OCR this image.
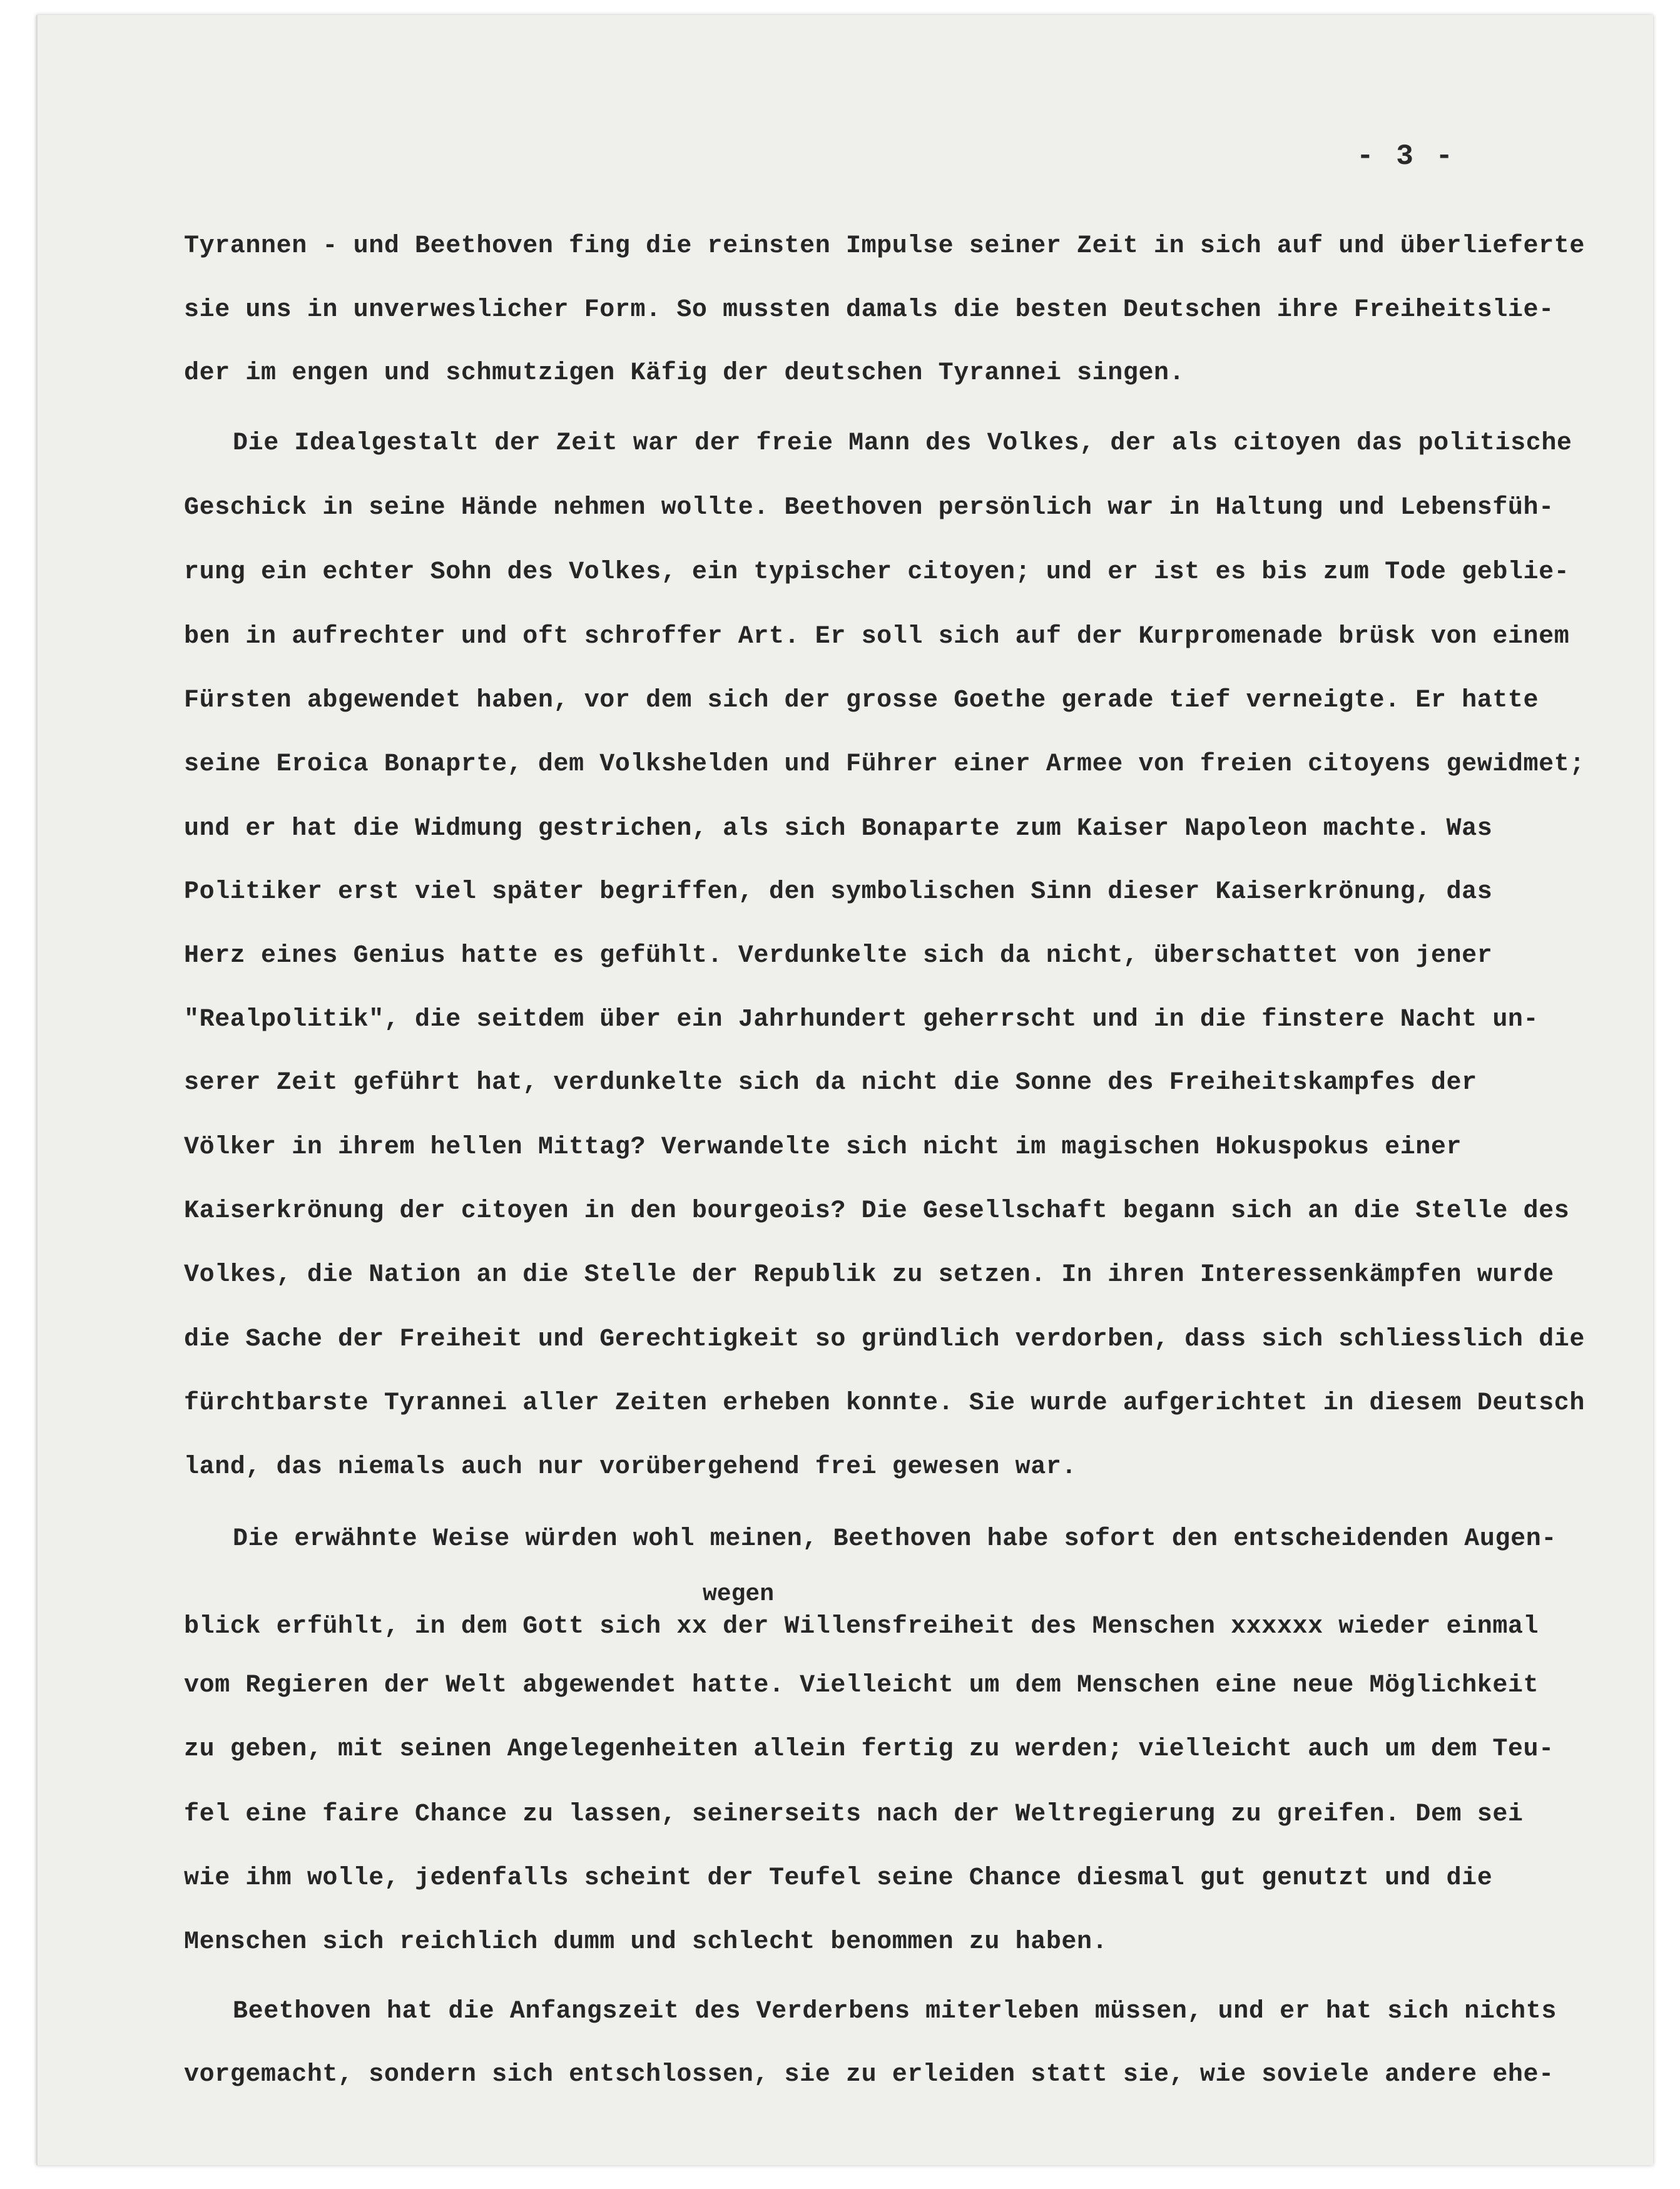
- 3 -

Tyrannen - und Beethoven fing die reinsten Impulse seiner Zeit in sich auf und überlieferte

sie uns in unverweslicher Form. So mussten damals die besten Deutschen ihre Freiheitslie-

der im engen und schmutzigen Käfig der deutschen Tyrannei singen.

Die Idealgestalt der Zeit war der freie Mann des Volkes, der als citoyen das politische

Geschick in seine Hände nehmen wollte. Beethoven persönlich war in Haltung und Lebensfüh-

rung ein echter Sohn des Volkes, ein typischer citoyen; und er ist es bis zum Tode geblie-

ben in aufrechter und oft schroffer Art. Er soll sich auf der Kurpromenade brüsk von einem

Fürsten abgewendet haben, vor dem sich der grosse Goethe gerade tief verneigte. Er hatte

seine Eroica Bonaprte, dem Volkshelden und Führer einer Armee von freien citoyens gewidmet;

und er hat die Widmung gestrichen, als sich Bonaparte zum Kaiser Napoleon machte. Was

Politiker erst viel später begriffen, den symbolischen Sinn dieser Kaiserkrönung, das

Herz eines Genius hatte es gefühlt. Verdunkelte sich da nicht, überschattet von jener

"Realpolitik", die seitdem über ein Jahrhundert geherrscht und in die finstere Nacht un-

serer Zeit geführt hat, verdunkelte sich da nicht die Sonne des Freiheitskampfes der

Völker in ihrem hellen Mittag? Verwandelte sich nicht im magischen Hokuspokus einer

Kaiserkrönung der citoyen in den bourgeois? Die Gesellschaft begann sich an die Stelle des

Volkes, die Nation an die Stelle der Republik zu setzen. In ihren Interessenkämpfen wurde

die Sache der Freiheit und Gerechtigkeit so gründlich verdorben, dass sich schliesslich die

fürchtbarste Tyrannei aller Zeiten erheben konnte. Sie wurde aufgerichtet in diesem Deutsch

land, das niemals auch nur vorübergehend frei gewesen war.

Die erwähnte Weise würden wohl meinen, Beethoven habe sofort den entscheidenden Augen-

wegen

blick erfühlt, in dem Gott sich xx der Willensfreiheit des Menschen xxxxxx wieder einmal

vom Regieren der Welt abgewendet hatte. Vielleicht um dem Menschen eine neue Möglichkeit

zu geben, mit seinen Angelegenheiten allein fertig zu werden; vielleicht auch um dem Teu-

fel eine faire Chance zu lassen, seinerseits nach der Weltregierung zu greifen. Dem sei

wie ihm wolle, jedenfalls scheint der Teufel seine Chance diesmal gut genutzt und die

Menschen sich reichlich dumm und schlecht benommen zu haben.

Beethoven hat die Anfangszeit des Verderbens miterleben müssen, und er hat sich nichts

vorgemacht, sondern sich entschlossen, sie zu erleiden statt sie, wie soviele andere ehe-
